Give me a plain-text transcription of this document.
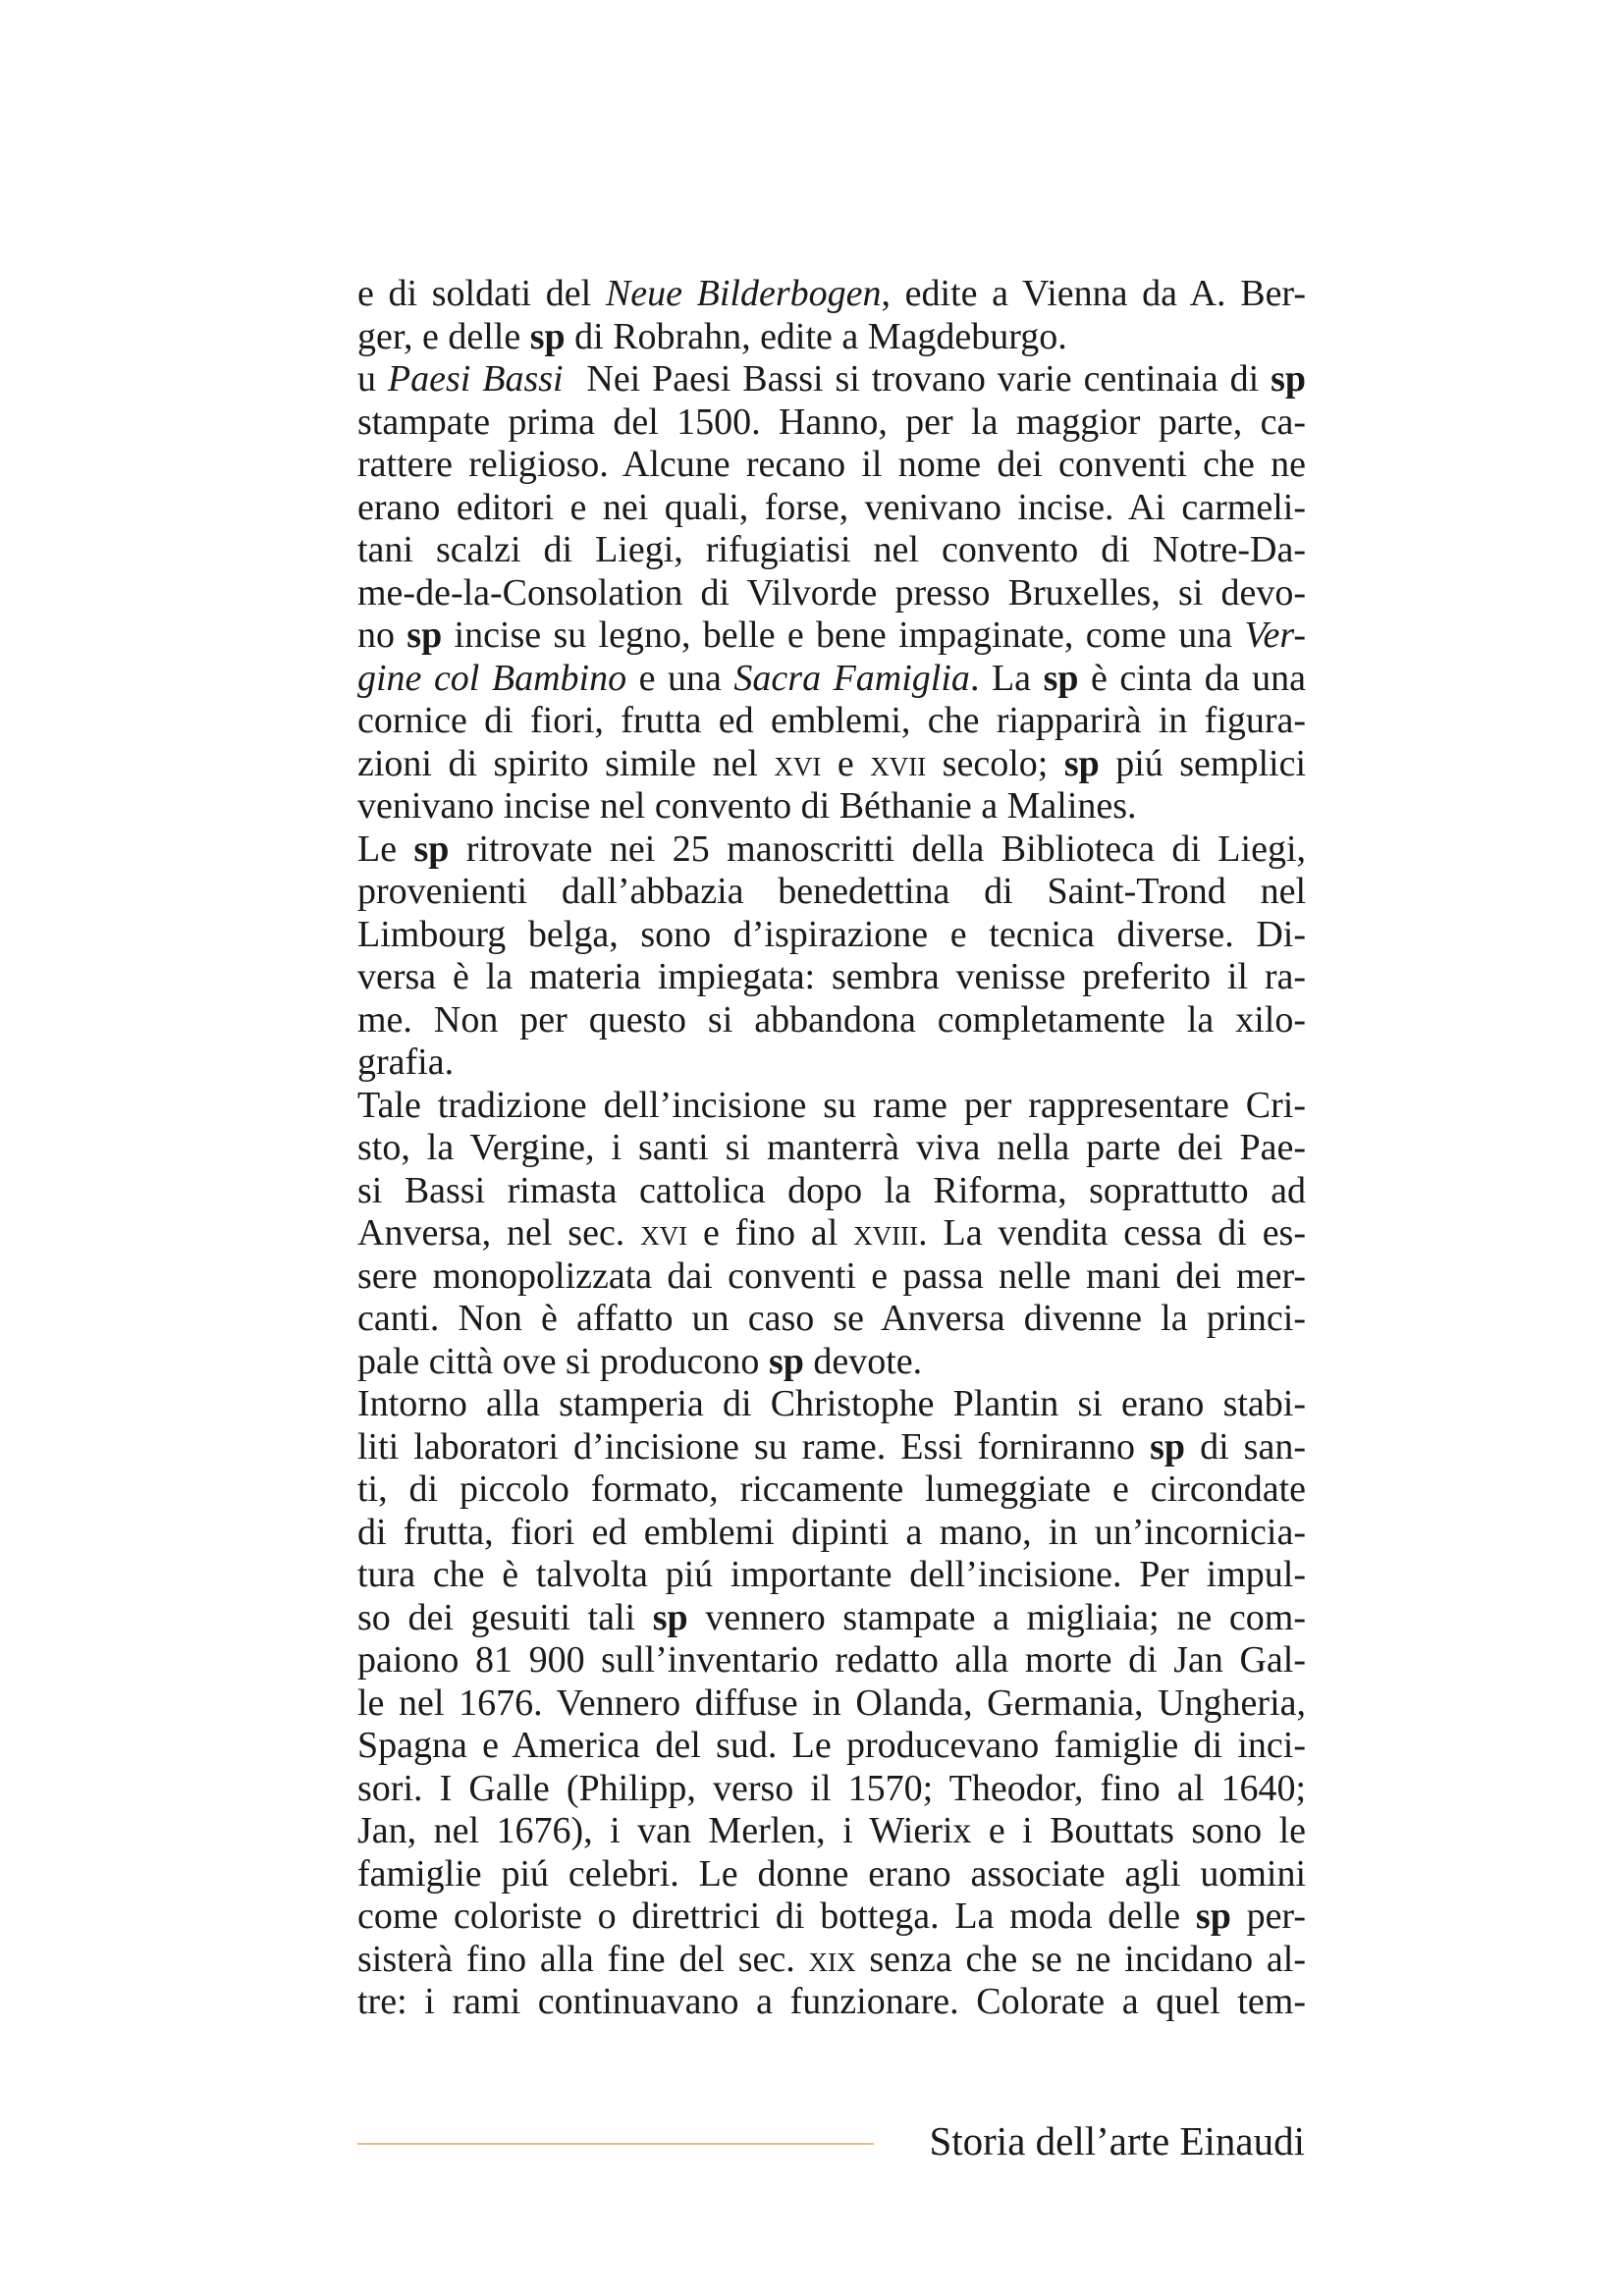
e di soldati del Neue Bilderbogen, edite a Vienna da A. Ber-
ger, e delle sp di Robrahn, edite a Magdeburgo.
u Paesi Bassi  Nei Paesi Bassi si trovano varie centinaia di sp
stampate prima del 1500. Hanno, per la maggior parte, ca-
rattere religioso. Alcune recano il nome dei conventi che ne
erano editori e nei quali, forse, venivano incise. Ai carmeli-
tani scalzi di Liegi, rifugiatisi nel convento di Notre-Da-
me-de-la-Consolation di Vilvorde presso Bruxelles, si devo-
no sp incise su legno, belle e bene impaginate, come una Ver-
gine col Bambino e una Sacra Famiglia. La sp è cinta da una
cornice di fiori, frutta ed emblemi, che riapparirà in figura-
zioni di spirito simile nel xvi e xvii secolo; sp piú semplici
venivano incise nel convento di Béthanie a Malines.
Le sp ritrovate nei 25 manoscritti della Biblioteca di Liegi,
provenienti dall’abbazia benedettina di Saint-Trond nel
Limbourg belga, sono d’ispirazione e tecnica diverse. Di-
versa è la materia impiegata: sembra venisse preferito il ra-
me. Non per questo si abbandona completamente la xilo-
grafia.
Tale tradizione dell’incisione su rame per rappresentare Cri-
sto, la Vergine, i santi si manterrà viva nella parte dei Pae-
si Bassi rimasta cattolica dopo la Riforma, soprattutto ad
Anversa, nel sec. xvi e fino al xviii. La vendita cessa di es-
sere monopolizzata dai conventi e passa nelle mani dei mer-
canti. Non è affatto un caso se Anversa divenne la princi-
pale città ove si producono sp devote.
Intorno alla stamperia di Christophe Plantin si erano stabi-
liti laboratori d’incisione su rame. Essi forniranno sp di san-
ti, di piccolo formato, riccamente lumeggiate e circondate
di frutta, fiori ed emblemi dipinti a mano, in un’incornicia-
tura che è talvolta piú importante dell’incisione. Per impul-
so dei gesuiti tali sp vennero stampate a migliaia; ne com-
paiono 81 900 sull’inventario redatto alla morte di Jan Gal-
le nel 1676. Vennero diffuse in Olanda, Germania, Ungheria,
Spagna e America del sud. Le producevano famiglie di inci-
sori. I Galle (Philipp, verso il 1570; Theodor, fino al 1640;
Jan, nel 1676), i van Merlen, i Wierix e i Bouttats sono le
famiglie piú celebri. Le donne erano associate agli uomini
come coloriste o direttrici di bottega. La moda delle sp per-
sisterà fino alla fine del sec. xix senza che se ne incidano al-
tre: i rami continuavano a funzionare. Colorate a quel tem-
Storia dell’arte Einaudi
